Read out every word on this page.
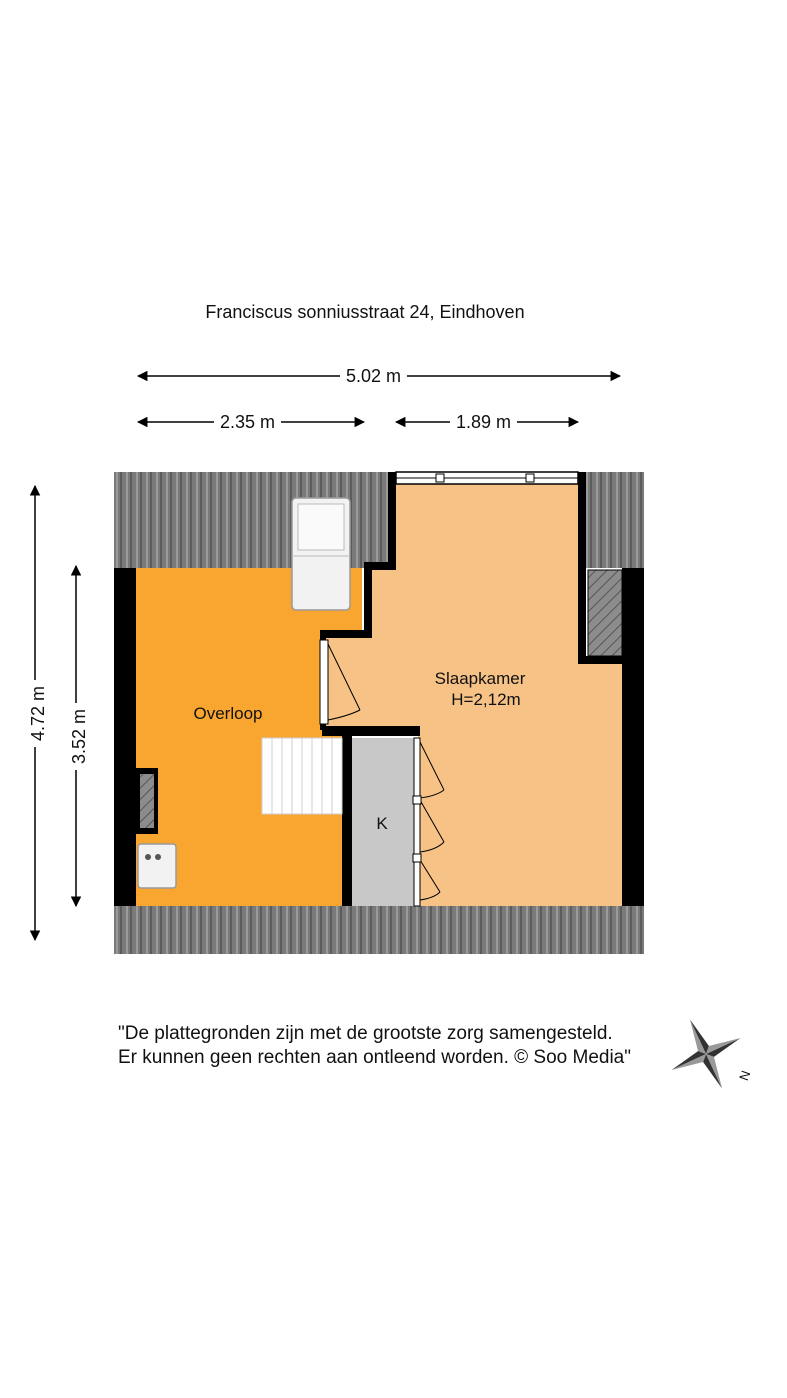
Franciscus sonniusstraat 24, Eindhoven
5.02 m
2.35 m	1.89 m
4.72 m 3.52 m	Overloop
Slaapkamer
H=2,12m
K
N
"De plattegronden zijn met de grootste zorg samengesteld.
Er kunnen geen rechten aan ontleend worden. © Soo Media"
